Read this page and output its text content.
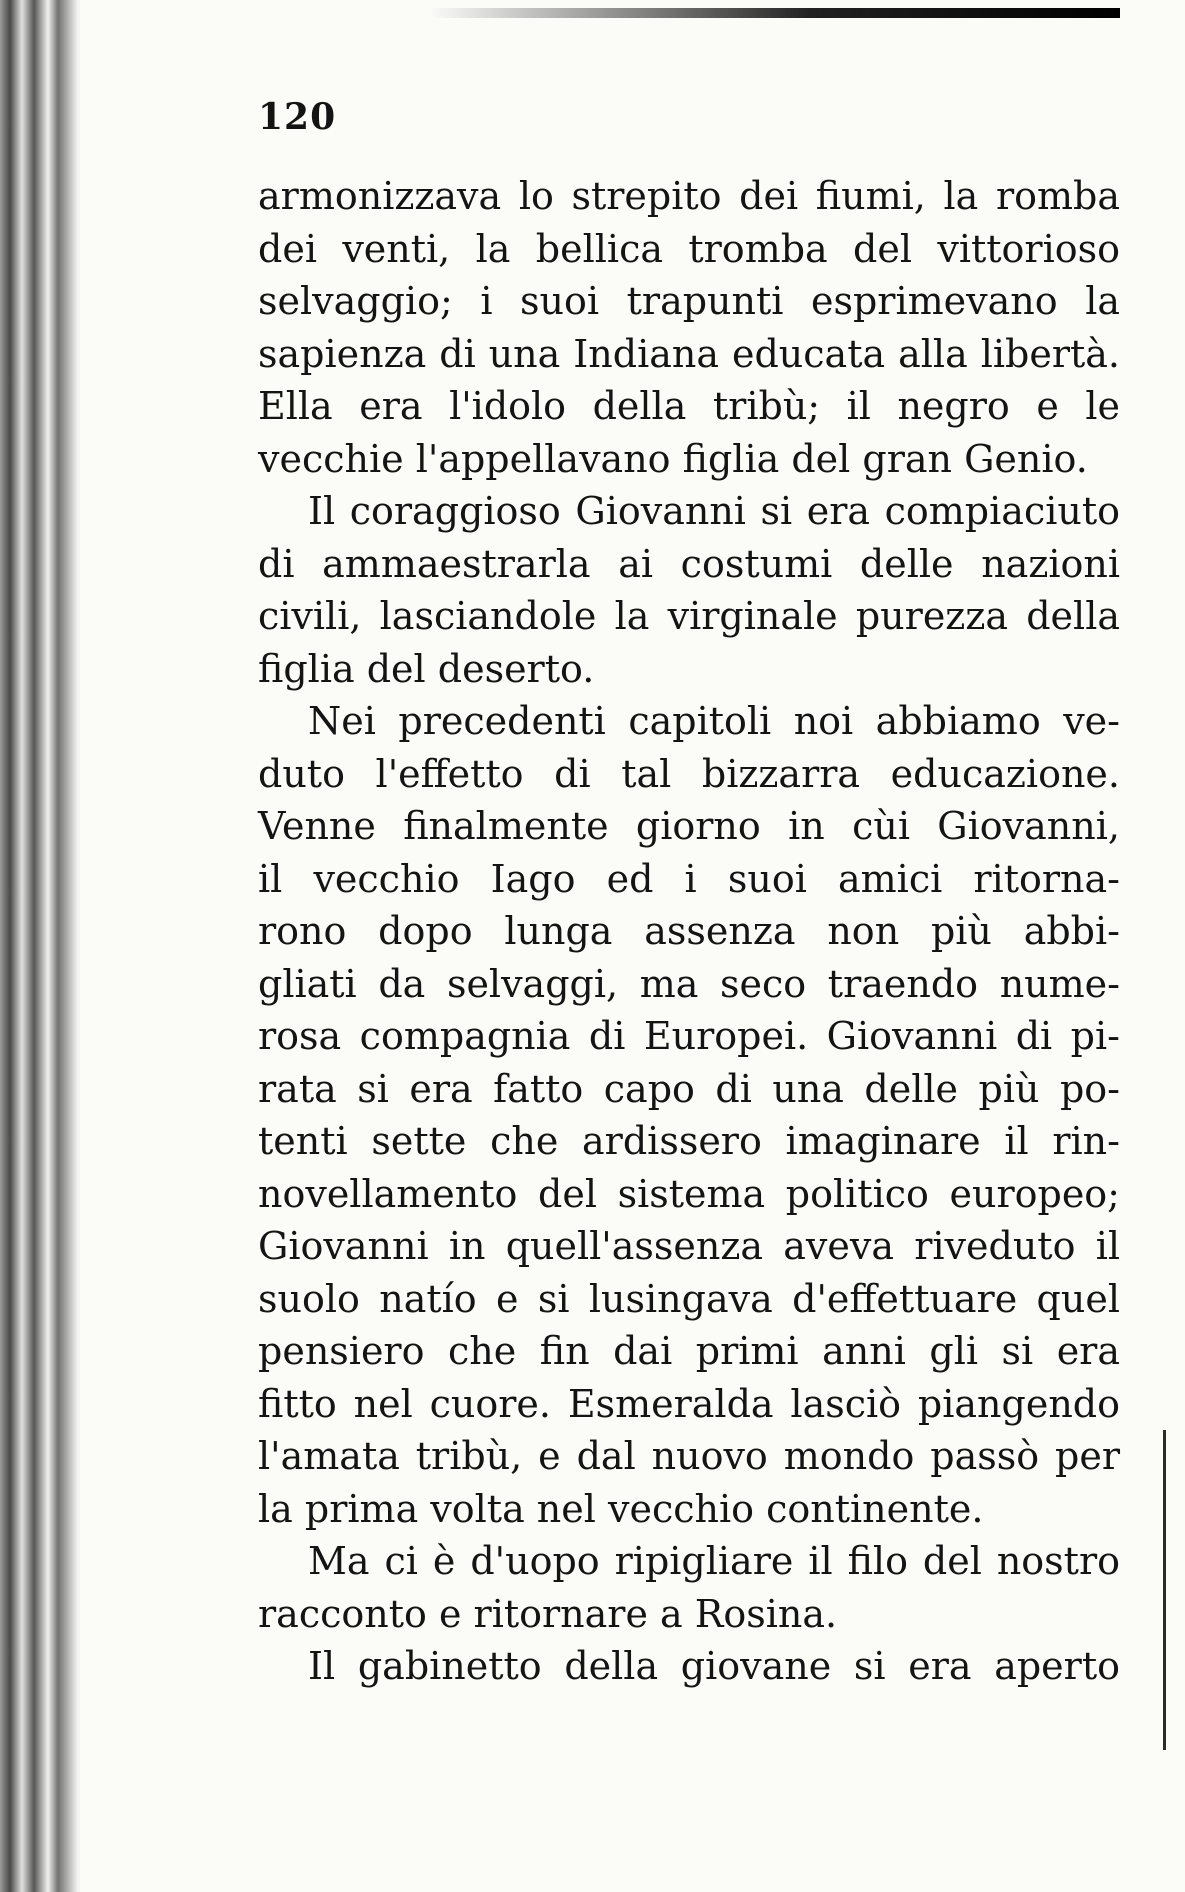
120
armonizzava lo strepito dei fiumi, la romba
dei venti, la bellica tromba del vittorioso
selvaggio; i suoi trapunti esprimevano la
sapienza di una Indiana educata alla libertà.
Ella era l'idolo della tribù; il negro e le
vecchie l'appellavano figlia del gran Genio.
Il coraggioso Giovanni si era compiaciuto
di ammaestrarla ai costumi delle nazioni
civili, lasciandole la virginale purezza della
figlia del deserto.
Nei precedenti capitoli noi abbiamo ve-
duto l'effetto di tal bizzarra educazione.
Venne finalmente giorno in cùi Giovanni,
il vecchio Iago ed i suoi amici ritorna-
rono dopo lunga assenza non più abbi-
gliati da selvaggi, ma seco traendo nume-
rosa compagnia di Europei. Giovanni di pi-
rata si era fatto capo di una delle più po-
tenti sette che ardissero imaginare il rin-
novellamento del sistema politico europeo;
Giovanni in quell'assenza aveva riveduto il
suolo natío e si lusingava d'effettuare quel
pensiero che fin dai primi anni gli si era
fitto nel cuore. Esmeralda lasciò piangendo
l'amata tribù, e dal nuovo mondo passò per
la prima volta nel vecchio continente.
Ma ci è d'uopo ripigliare il filo del nostro
racconto e ritornare a Rosina.
Il gabinetto della giovane si era aperto
